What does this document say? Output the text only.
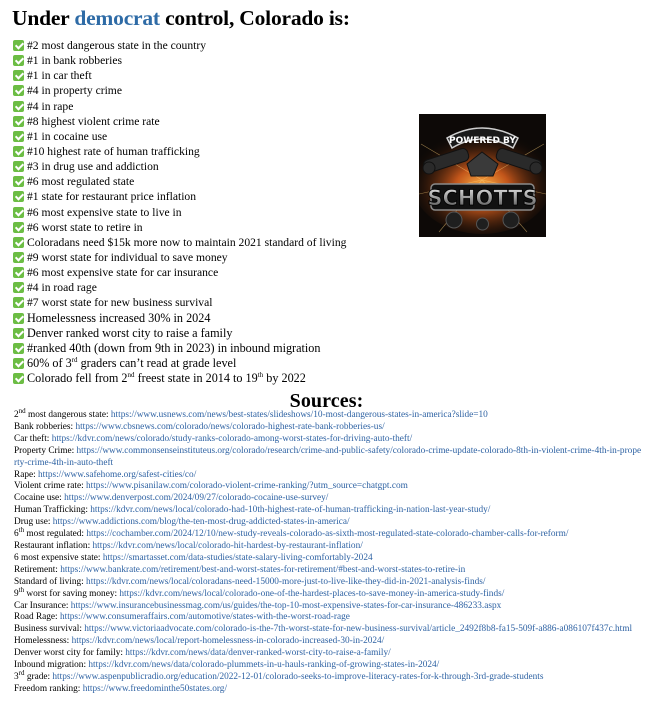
Under democrat control, Colorado is:
#2 most dangerous state in the country
#1 in bank robberies
#1 in car theft
#4 in property crime
#4 in rape
#8 highest violent crime rate
#1 in cocaine use
#10 highest rate of human trafficking
#3 in drug use and addiction
#6 most regulated state
#1 state for restaurant price inflation
#6 most expensive state to live in
#6 worst state to retire in
Coloradans need $15k more now to maintain 2021 standard of living
#9 worst state for individual to save money
#6 most expensive state for car insurance
#4 in road rage
#7 worst state for new business survival
Homelessness increased 30% in 2024
Denver ranked worst city to raise a family
#ranked 40th (down from 9th in 2023) in inbound migration
60% of 3rd graders can’t read at grade level
Colorado fell from 2nd freest state in 2014 to 19th by 2022
POWERED BY
SCHOTTS
Sources:
2nd most dangerous state: https://www.usnews.com/news/best-states/slideshows/10-most-dangerous-states-in-america?slide=10
Bank robberies: https://www.cbsnews.com/colorado/news/colorado-highest-rate-bank-robberies-us/
Car theft: https://kdvr.com/news/colorado/study-ranks-colorado-among-worst-states-for-driving-auto-theft/
Property Crime: https://www.commonsenseinstituteus.org/colorado/research/crime-and-public-safety/colorado-crime-update-colorado-8th-in-violent-crime-4th-in-property-crime-4th-in-auto-theft
Rape: https://www.safehome.org/safest-cities/co/
Violent crime rate: https://www.pisanilaw.com/colorado-violent-crime-ranking/?utm_source=chatgpt.com
Cocaine use: https://www.denverpost.com/2024/09/27/colorado-cocaine-use-survey/
Human Trafficking: https://kdvr.com/news/local/colorado-had-10th-highest-rate-of-human-trafficking-in-nation-last-year-study/
Drug use: https://www.addictions.com/blog/the-ten-most-drug-addicted-states-in-america/
6th most regulated: https://cochamber.com/2024/12/10/new-study-reveals-colorado-as-sixth-most-regulated-state-colorado-chamber-calls-for-reform/
Restaurant inflation: https://kdvr.com/news/local/colorado-hit-hardest-by-restaurant-inflation/
6 most expensive state: https://smartasset.com/data-studies/state-salary-living-comfortably-2024
Retirement: https://www.bankrate.com/retirement/best-and-worst-states-for-retirement/#best-and-worst-states-to-retire-in
Standard of living: https://kdvr.com/news/local/coloradans-need-15000-more-just-to-live-like-they-did-in-2021-analysis-finds/
9th worst for saving money: https://kdvr.com/news/local/colorado-one-of-the-hardest-places-to-save-money-in-america-study-finds/
Car Insurance: https://www.insurancebusinessmag.com/us/guides/the-top-10-most-expensive-states-for-car-insurance-486233.aspx
Road Rage: https://www.consumeraffairs.com/automotive/states-with-the-worst-road-rage
Business survival: https://www.victoriaadvocate.com/colorado-is-the-7th-worst-state-for-new-business-survival/article_2492f8b8-fa15-509f-a886-a086107f437c.html
Homelessness: https://kdvr.com/news/local/report-homelessness-in-colorado-increased-30-in-2024/
Denver worst city for family: https://kdvr.com/news/data/denver-ranked-worst-city-to-raise-a-family/
Inbound migration: https://kdvr.com/news/data/colorado-plummets-in-u-hauls-ranking-of-growing-states-in-2024/
3rd grade: https://www.aspenpublicradio.org/education/2022-12-01/colorado-seeks-to-improve-literacy-rates-for-k-through-3rd-grade-students
Freedom ranking: https://www.freedominthe50states.org/
